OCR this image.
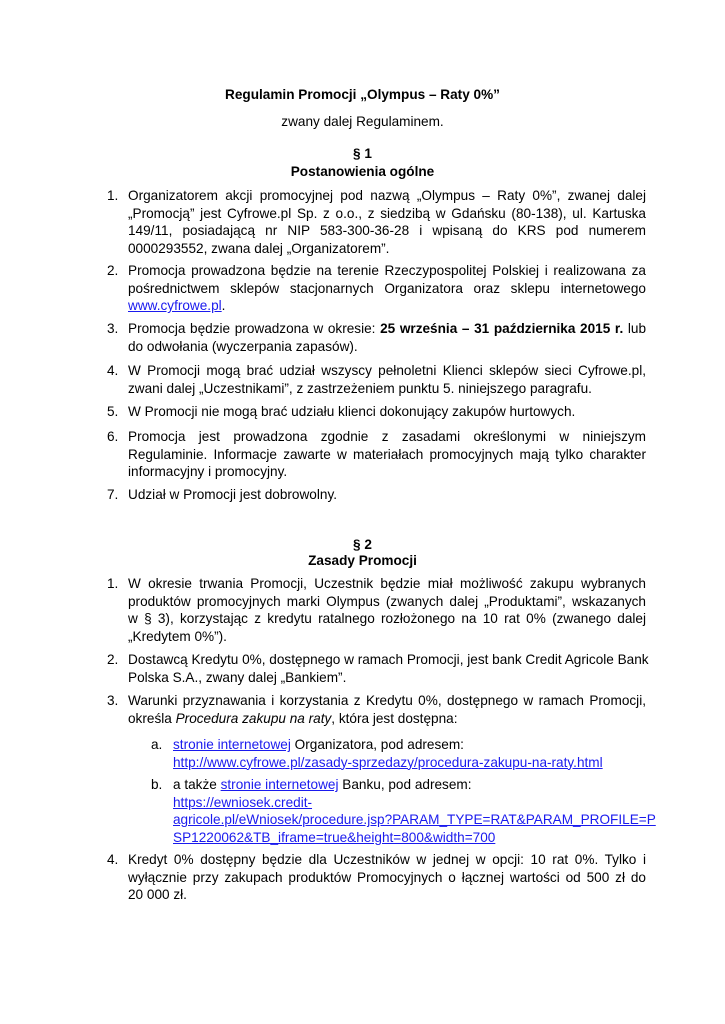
Regulamin Promocji „Olympus – Raty 0%”
zwany dalej Regulaminem.
§ 1
Postanowienia ogólne
1. Organizatorem akcji promocyjnej pod nazwą „Olympus – Raty 0%”, zwanej dalej
„Promocją” jest Cyfrowe.pl Sp. z o.o., z siedzibą w Gdańsku (80-138), ul. Kartuska
149/11, posiadającą nr NIP 583-300-36-28 i wpisaną do KRS pod numerem
0000293552, zwana dalej „Organizatorem”.
2. Promocja prowadzona będzie na terenie Rzeczypospolitej Polskiej i realizowana za
pośrednictwem sklepów stacjonarnych Organizatora oraz sklepu internetowego
www.cyfrowe.pl.
3. Promocja będzie prowadzona w okresie: 25 września – 31 października 2015 r. lub
do odwołania (wyczerpania zapasów).
4. W Promocji mogą brać udział wszyscy pełnoletni Klienci sklepów sieci Cyfrowe.pl,
zwani dalej „Uczestnikami”, z zastrzeżeniem punktu 5. niniejszego paragrafu.
5. W Promocji nie mogą brać udziału klienci dokonujący zakupów hurtowych.
6. Promocja jest prowadzona zgodnie z zasadami określonymi w niniejszym
Regulaminie. Informacje zawarte w materiałach promocyjnych mają tylko charakter
informacyjny i promocyjny.
7. Udział w Promocji jest dobrowolny.
§ 2
Zasady Promocji
1. W okresie trwania Promocji, Uczestnik będzie miał możliwość zakupu wybranych
produktów promocyjnych marki Olympus (zwanych dalej „Produktami”, wskazanych
w § 3), korzystając z kredytu ratalnego rozłożonego na 10 rat 0% (zwanego dalej
„Kredytem 0%”).
2. Dostawcą Kredytu 0%, dostępnego w ramach Promocji, jest bank Credit Agricole Bank
Polska S.A., zwany dalej „Bankiem”.
3. Warunki przyznawania i korzystania z Kredytu 0%, dostępnego w ramach Promocji,
określa Procedura zakupu na raty, która jest dostępna:
a. stronie internetowej Organizatora, pod adresem:
http://www.cyfrowe.pl/zasady-sprzedazy/procedura-zakupu-na-raty.html
b. a także stronie internetowej Banku, pod adresem:
https://ewniosek.credit-
agricole.pl/eWniosek/procedure.jsp?PARAM_TYPE=RAT&PARAM_PROFILE=P
SP1220062&TB_iframe=true&height=800&width=700
4. Kredyt 0% dostępny będzie dla Uczestników w jednej w opcji: 10 rat 0%. Tylko i
wyłącznie przy zakupach produktów Promocyjnych o łącznej wartości od 500 zł do
20 000 zł.
